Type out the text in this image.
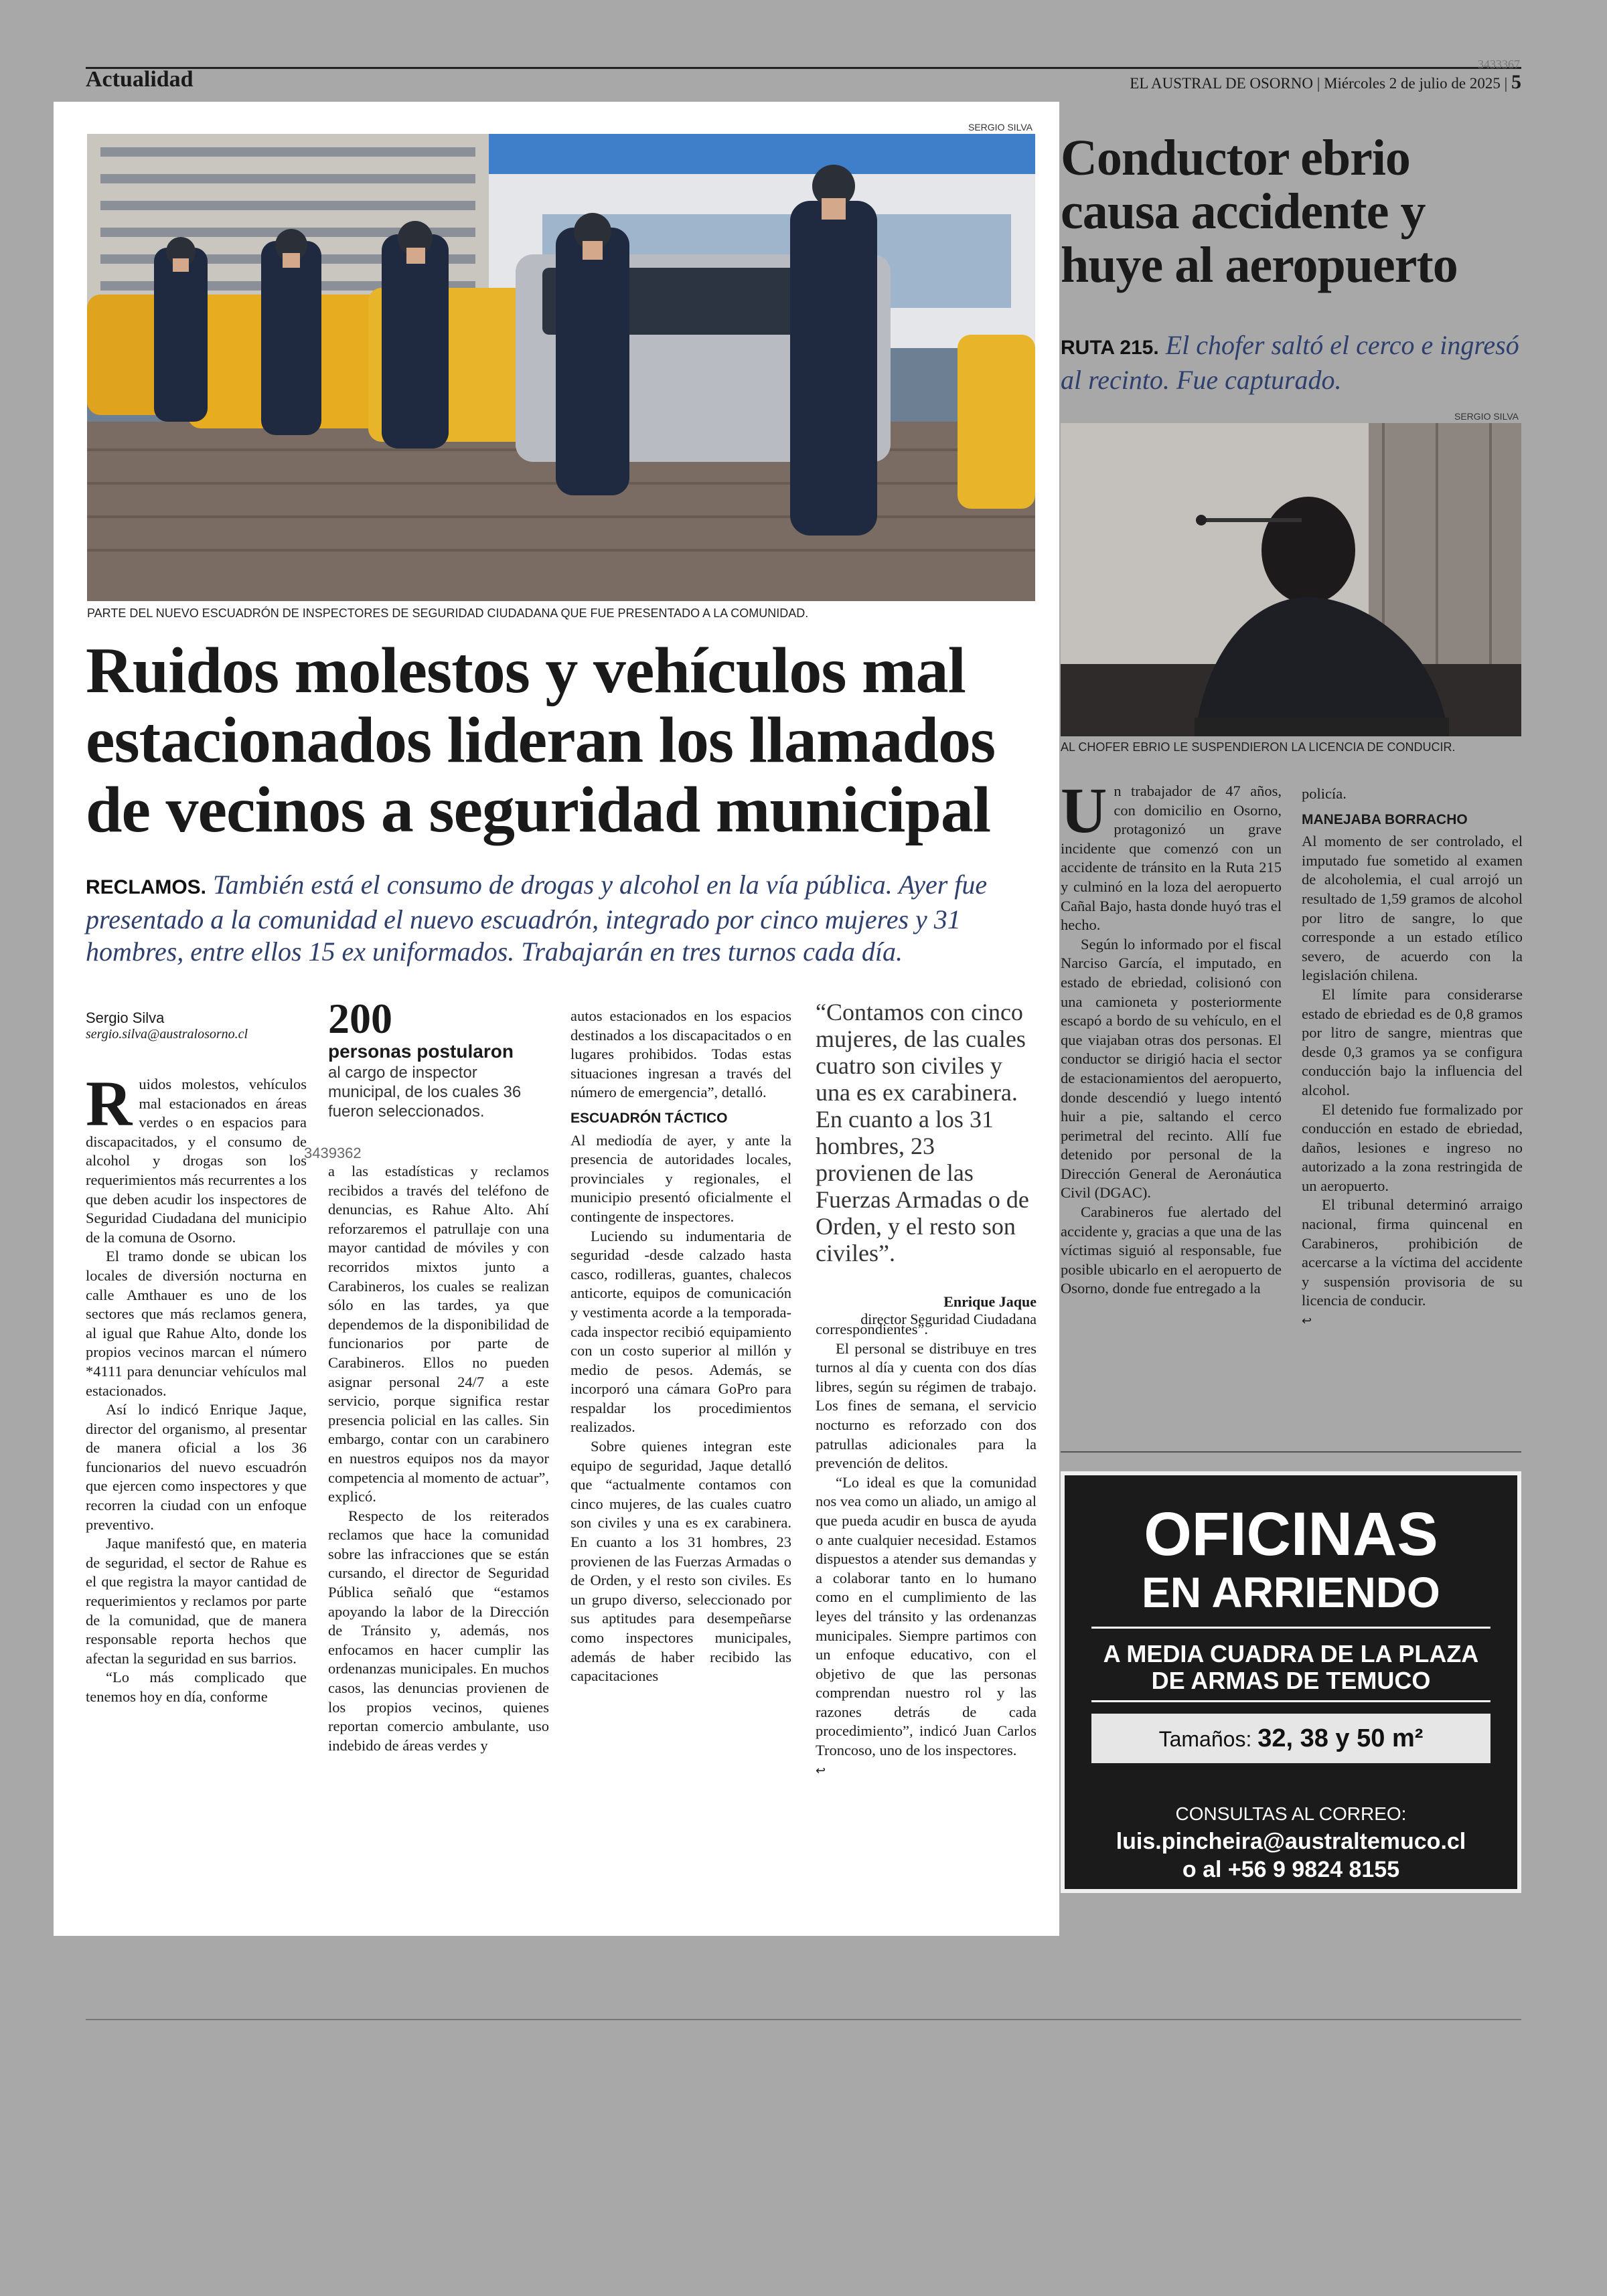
Actualidad
3433367
EL AUSTRAL DE OSORNO | Miércoles 2 de julio de 2025 | 5
SERGIO SILVA
PARTE DEL NUEVO ESCUADRÓN DE INSPECTORES DE SEGURIDAD CIUDADANA QUE FUE PRESENTADO A LA COMUNIDAD.
Ruidos molestos y vehículos mal estacionados lideran los llamados de vecinos a seguridad municipal
RECLAMOS. También está el consumo de drogas y alcohol en la vía pública. Ayer fue presentado a la comunidad el nuevo escuadrón, integrado por cinco mujeres y 31 hombres, entre ellos 15 ex uniformados. Trabajarán en tres turnos cada día.
Sergio Silva
sergio.silva@australosorno.cl

Ruidos molestos, vehículos mal estacionados en áreas verdes o en espacios para discapacitados, y el consumo de alcohol y drogas son los requerimientos más recurrentes a los que deben acudir los inspectores de Seguridad Ciudadana del municipio de la comuna de Osorno.

El tramo donde se ubican los locales de diversión nocturna en calle Amthauer es uno de los sectores que más reclamos genera, al igual que Rahue Alto, donde los propios vecinos marcan el número *4111 para denunciar vehículos mal estacionados.

Así lo indicó Enrique Jaque, director del organismo, al presentar de manera oficial a los 36 funcionarios del nuevo escuadrón que ejercen como inspectores y que recorren la ciudad con un enfoque preventivo.

Jaque manifestó que, en materia de seguridad, el sector de Rahue es el que registra la mayor cantidad de requerimientos y reclamos por parte de la comunidad, que de manera responsable reporta hechos que afectan la seguridad en sus barrios.

“Lo más complicado que tenemos hoy en día, conforme

200
personas postularon
al cargo de inspector municipal, de los cuales 36 fueron seleccionados.
3439362

a las estadísticas y reclamos recibidos a través del teléfono de denuncias, es Rahue Alto. Ahí reforzaremos el patrullaje con una mayor cantidad de móviles y con recorridos mixtos junto a Carabineros, los cuales se realizan sólo en las tardes, ya que dependemos de la disponibilidad de funcionarios por parte de Carabineros. Ellos no pueden asignar personal 24/7 a este servicio, porque significa restar presencia policial en las calles. Sin embargo, contar con un carabinero en nuestros equipos nos da mayor competencia al momento de actuar”, explicó.

Respecto de los reiterados reclamos que hace la comunidad sobre las infracciones que se están cursando, el director de Seguridad Pública señaló que “estamos apoyando la labor de la Dirección de Tránsito y, además, nos enfocamos en hacer cumplir las ordenanzas municipales. En muchos casos, las denuncias provienen de los propios vecinos, quienes reportan comercio ambulante, uso indebido de áreas verdes y

autos estacionados en los espacios destinados a los discapacitados o en lugares prohibidos. Todas estas situaciones ingresan a través del número de emergencia”, detalló.

ESCUADRÓN TÁCTICO

Al mediodía de ayer, y ante la presencia de autoridades locales, provinciales y regionales, el municipio presentó oficialmente el contingente de inspectores.

Luciendo su indumentaria de seguridad -desde calzado hasta casco, rodilleras, guantes, chalecos anticorte, equipos de comunicación y vestimenta acorde a la temporada- cada inspector recibió equipamiento con un costo superior al millón y medio de pesos. Además, se incorporó una cámara GoPro para respaldar los procedimientos realizados.

Sobre quienes integran este equipo de seguridad, Jaque detalló que “actualmente contamos con cinco mujeres, de las cuales cuatro son civiles y una es ex carabinera. En cuanto a los 31 hombres, 23 provienen de las Fuerzas Armadas o de Orden, y el resto son civiles. Es un grupo diverso, seleccionado por sus aptitudes para desempeñarse como inspectores municipales, además de haber recibido las capacitaciones

“Contamos con cinco mujeres, de las cuales cuatro son civiles y una es ex carabinera. En cuanto a los 31 hombres, 23 provienen de las Fuerzas Armadas o de Orden, y el resto son civiles”.
Enrique Jaque
director Seguridad Ciudadana

correspondientes”.

El personal se distribuye en tres turnos al día y cuenta con dos días libres, según su régimen de trabajo. Los fines de semana, el servicio nocturno es reforzado con dos patrullas adicionales para la prevención de delitos.

“Lo ideal es que la comunidad nos vea como un aliado, un amigo al que pueda acudir en busca de ayuda o ante cualquier necesidad. Estamos dispuestos a atender sus demandas y a colaborar tanto en lo humano como en el cumplimiento de las leyes del tránsito y las ordenanzas municipales. Siempre partimos con un enfoque educativo, con el objetivo de que las personas comprendan nuestro rol y las razones detrás de cada procedimiento”, indicó Juan Carlos Troncoso, uno de los inspectores.

↩
Conductor ebrio causa accidente y huye al aeropuerto
RUTA 215. El chofer saltó el cerco e ingresó al recinto. Fue capturado.
SERGIO SILVA
AL CHOFER EBRIO LE SUSPENDIERON LA LICENCIA DE CONDUCIR.

Un trabajador de 47 años, con domicilio en Osorno, protagonizó un grave incidente que comenzó con un accidente de tránsito en la Ruta 215 y culminó en la loza del aeropuerto Cañal Bajo, hasta donde huyó tras el hecho.

Según lo informado por el fiscal Narciso García, el imputado, en estado de ebriedad, colisionó con una camioneta y posteriormente escapó a bordo de su vehículo, en el que viajaban otras dos personas. El conductor se dirigió hacia el sector de estacionamientos del aeropuerto, donde descendió y luego intentó huir a pie, saltando el cerco perimetral del recinto. Allí fue detenido por personal de la Dirección General de Aeronáutica Civil (DGAC).

Carabineros fue alertado del accidente y, gracias a que una de las víctimas siguió al responsable, fue posible ubicarlo en el aeropuerto de Osorno, donde fue entregado a la

policía.

MANEJABA BORRACHO

Al momento de ser controlado, el imputado fue sometido al examen de alcoholemia, el cual arrojó un resultado de 1,59 gramos de alcohol por litro de sangre, lo que corresponde a un estado etílico severo, de acuerdo con la legislación chilena.

El límite para considerarse estado de ebriedad es de 0,8 gramos por litro de sangre, mientras que desde 0,3 gramos ya se configura conducción bajo la influencia del alcohol.

El detenido fue formalizado por conducción en estado de ebriedad, daños, lesiones e ingreso no autorizado a la zona restringida de un aeropuerto.

El tribunal determinó arraigo nacional, firma quincenal en Carabineros, prohibición de acercarse a la víctima del accidente y suspensión provisoria de su licencia de conducir.

↩
OFICINAS
EN ARRIENDO
A MEDIA CUADRA DE LA PLAZA
DE ARMAS DE TEMUCO
Tamaños: 32, 38 y 50 m²
CONSULTAS AL CORREO:
luis.pincheira@australtemuco.cl
o al +56 9 9824 8155
